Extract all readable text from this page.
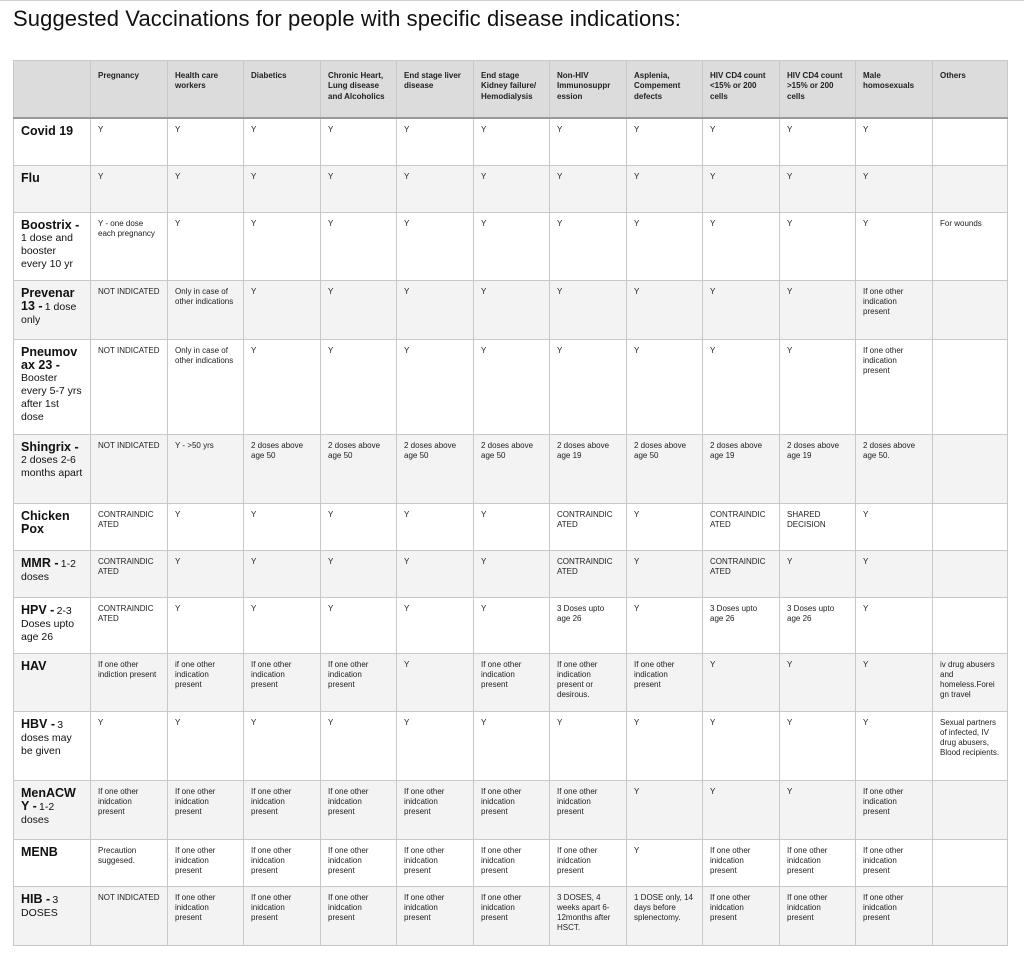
Suggested Vaccinations for people with specific disease indications:
	Pregnancy	Health care workers	Diabetics	Chronic Heart, Lung disease and Alcoholics	End stage liver disease	End stage Kidney failure/ Hemodialysis	Non-HIV Immunosuppr ession	Asplenia, Compement defects	HIV CD4 count <15% or 200 cells	HIV CD4 count >15% or 200 cells	Male homosexuals	Others
Covid 19	Y	Y	Y	Y	Y	Y	Y	Y	Y	Y	Y	
Flu	Y	Y	Y	Y	Y	Y	Y	Y	Y	Y	Y	
Boostrix - 1 dose and booster every 10 yr	Y - one dose each pregnancy	Y	Y	Y	Y	Y	Y	Y	Y	Y	Y	For wounds
Prevenar 13 - 1 dose only	NOT INDICATED	Only in case of other indications	Y	Y	Y	Y	Y	Y	Y	Y	If one other indication present	
Pneumov ax 23 - Booster every 5-7 yrs after 1st dose	NOT INDICATED	Only in case of other indications	Y	Y	Y	Y	Y	Y	Y	Y	If one other indication present	
Shingrix - 2 doses 2-6 months apart	NOT INDICATED	Y - >50 yrs	2 doses above age 50	2 doses above age 50	2 doses above age 50	2 doses above age 50	2 doses above age 19	2 doses above age 50	2 doses above age 19	2 doses above age 19	2 doses above age 50.	
Chicken Pox	CONTRAINDIC ATED	Y	Y	Y	Y	Y	CONTRAINDIC ATED	Y	CONTRAINDIC ATED	SHARED DECISION	Y	
MMR - 1-2 doses	CONTRAINDIC ATED	Y	Y	Y	Y	Y	CONTRAINDIC ATED	Y	CONTRAINDIC ATED	Y	Y	
HPV - 2-3 Doses upto age 26	CONTRAINDIC ATED	Y	Y	Y	Y	Y	3 Doses upto age 26	Y	3 Doses upto age 26	3 Doses upto age 26	Y	
HAV	If one other indiction present	if one other indication present	If one other indication present	If one other indication present	Y	If one other indication present	If one other indication present or desirous.	If one other indication present	Y	Y	Y	iv drug abusers and homeless.Forei gn travel
HBV - 3 doses may be given	Y	Y	Y	Y	Y	Y	Y	Y	Y	Y	Y	Sexual partners of infected, IV drug abusers, Blood recipients.
MenACW Y - 1-2 doses	If one other inidcation present	If one other inidcation present	If one other inidcation present	If one other inidcation present	If one other inidcation present	If one other inidcation present	If one other inidcation present	Y	Y	Y	If one other indication present	
MENB	Precaution suggesed.	If one other inidcation present	If one other inidcation present	If one other inidcation present	If one other inidcation present	If one other inidcation present	If one other inidcation present	Y	If one other inidcation present	If one other inidcation present	If one other inidcation present	
HIB - 3 DOSES	NOT INDICATED	If one other inidcation present	If one other inidcation present	If one other inidcation present	If one other inidcation present	If one other inidcation present	3 DOSES, 4 weeks apart 6-12months after HSCT.	1 DOSE only, 14 days before splenectomy.	If one other inidcation present	If one other inidcation present	If one other inidcation present	
